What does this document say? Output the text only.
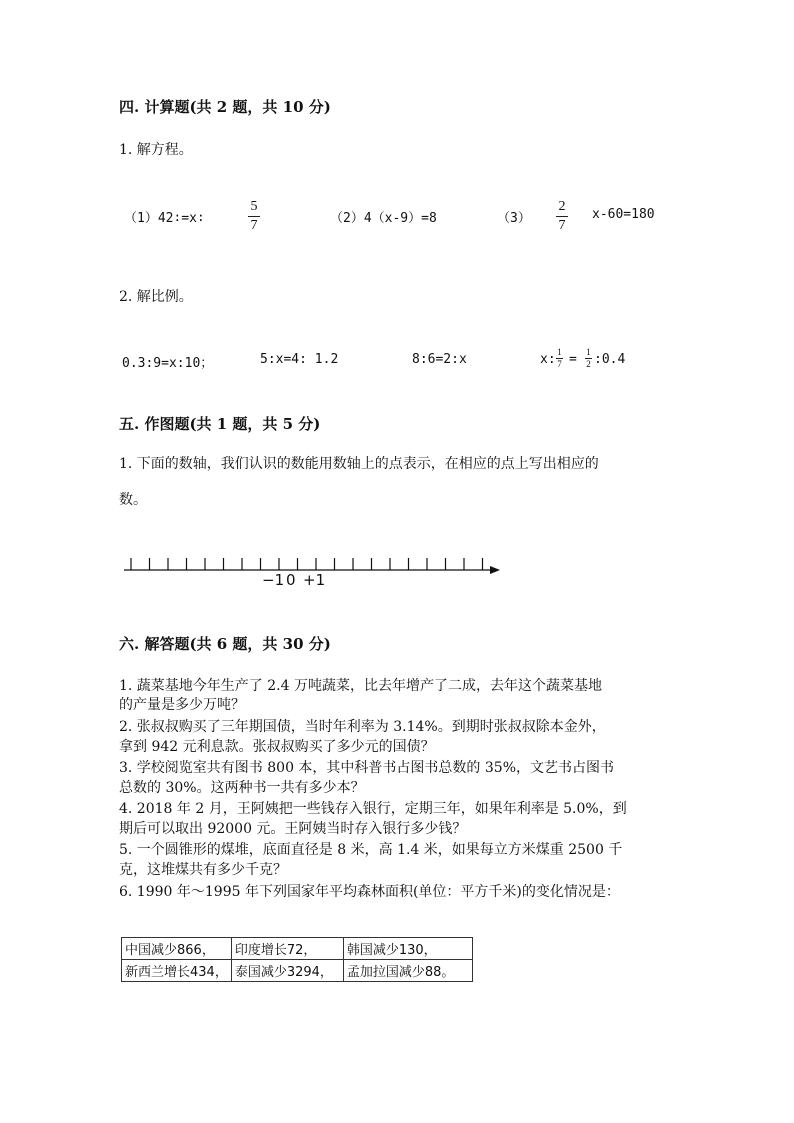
四. 计算题(共 2 题，共 10 分)
1. 解方程。
（1）42∶=x∶
5
7	（2）4（x-9）=8	（3）
2
7
x-60=180
2. 解比例。
0.3:9=x:10；	5:x=4: 1.2	8:6=2:x	x: 1
7 = 1
2 :0.4
五. 作图题(共 1 题，共 5 分)
1. 下面的数轴，我们认识的数能用数轴上的点表示，在相应的点上写出相应的
数。
−1 0 +1
六. 解答题(共 6 题，共 30 分)
1. 蔬菜基地今年生产了 2.4 万吨蔬菜，比去年增产了二成，去年这个蔬菜基地
的产量是多少万吨？
2. 张叔叔购买了三年期国债，当时年利率为 3.14%。到期时张叔叔除本金外，
拿到 942 元利息款。张叔叔购买了多少元的国债？
3. 学校阅览室共有图书 800 本，其中科普书占图书总数的 35%，文艺书占图书
总数的 30%。这两种书一共有多少本？
4. 2018 年 2 月，王阿姨把一些钱存入银行，定期三年，如果年利率是 5.0%，到
期后可以取出 92000 元。王阿姨当时存入银行多少钱？
5. 一个圆锥形的煤堆，底面直径是 8 米，高 1.4 米，如果每立方米煤重 2500 千
克，这堆煤共有多少千克？
6. 1990 年～1995 年下列国家年平均森林面积(单位：平方千米)的变化情况是：
中国减少866，	印度增长72，	韩国减少130，
新西兰增长434，	泰国减少3294，	孟加拉国减少88。
